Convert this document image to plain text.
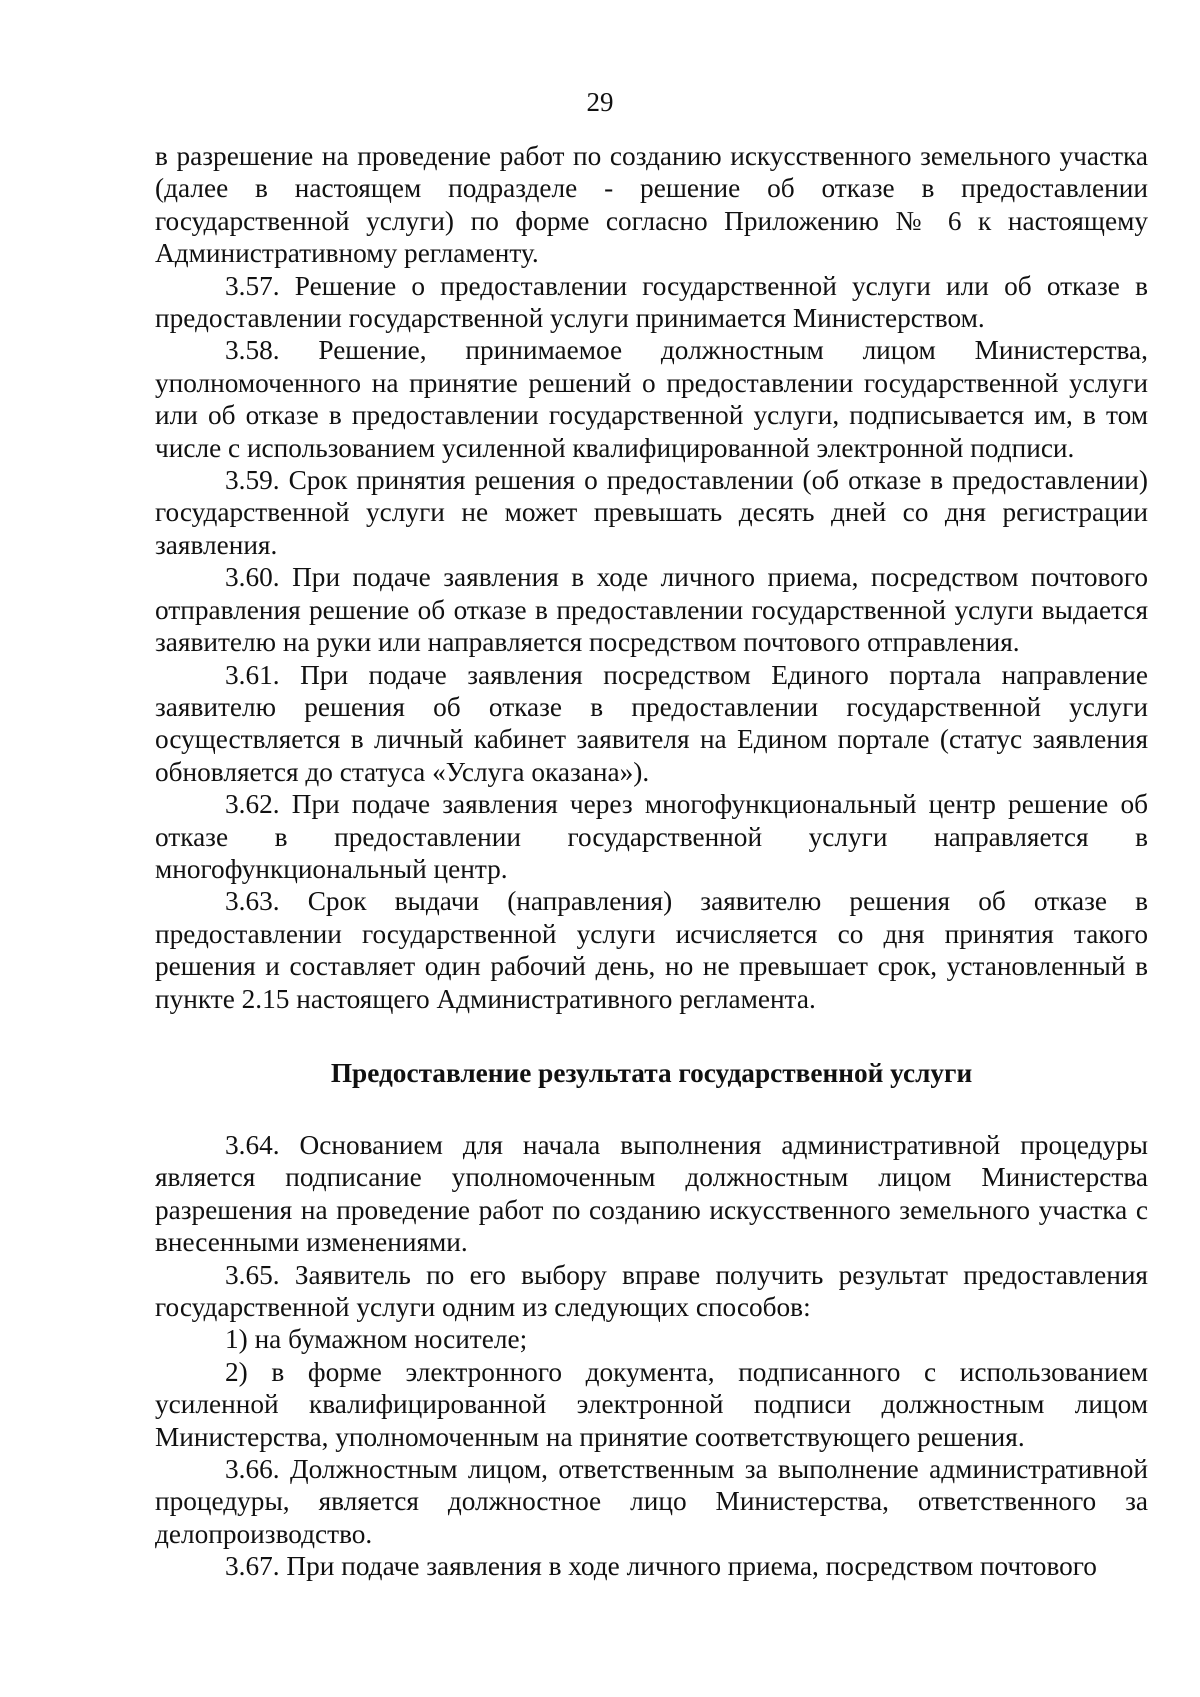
29

в разрешение на проведение работ по созданию искусственного земельного участка (далее в настоящем подразделе - решение об отказе в предоставлении государственной услуги) по форме согласно Приложению № 6 к настоящему Административному регламенту.

3.57. Решение о предоставлении государственной услуги или об отказе в предоставлении государственной услуги принимается Министерством.

3.58. Решение, принимаемое должностным лицом Министерства, уполномоченного на принятие решений о предоставлении государственной услуги или об отказе в предоставлении государственной услуги, подписывается им, в том числе с использованием усиленной квалифицированной электронной подписи.

3.59. Срок принятия решения о предоставлении (об отказе в предоставлении) государственной услуги не может превышать десять дней со дня регистрации заявления.

3.60. При подаче заявления в ходе личного приема, посредством почтового отправления решение об отказе в предоставлении государственной услуги выдается заявителю на руки или направляется посредством почтового отправления.

3.61. При подаче заявления посредством Единого портала направление заявителю решения об отказе в предоставлении государственной услуги осуществляется в личный кабинет заявителя на Едином портале (статус заявления обновляется до статуса «Услуга оказана»).

3.62. При подаче заявления через многофункциональный центр решение об отказе в предоставлении государственной услуги направляется в многофункциональный центр.

3.63. Срок выдачи (направления) заявителю решения об отказе в предоставлении государственной услуги исчисляется со дня принятия такого решения и составляет один рабочий день, но не превышает срок, установленный в пункте 2.15 настоящего Административного регламента.

Предоставление результата государственной услуги

3.64. Основанием для начала выполнения административной процедуры является подписание уполномоченным должностным лицом Министерства разрешения на проведение работ по созданию искусственного земельного участка с внесенными изменениями.

3.65. Заявитель по его выбору вправе получить результат предоставления государственной услуги одним из следующих способов:

1) на бумажном носителе;

2) в форме электронного документа, подписанного с использованием усиленной квалифицированной электронной подписи должностным лицом Министерства, уполномоченным на принятие соответствующего решения.

3.66. Должностным лицом, ответственным за выполнение административной процедуры, является должностное лицо Министерства, ответственного за делопроизводство.

3.67. При подаче заявления в ходе личного приема, посредством почтового
